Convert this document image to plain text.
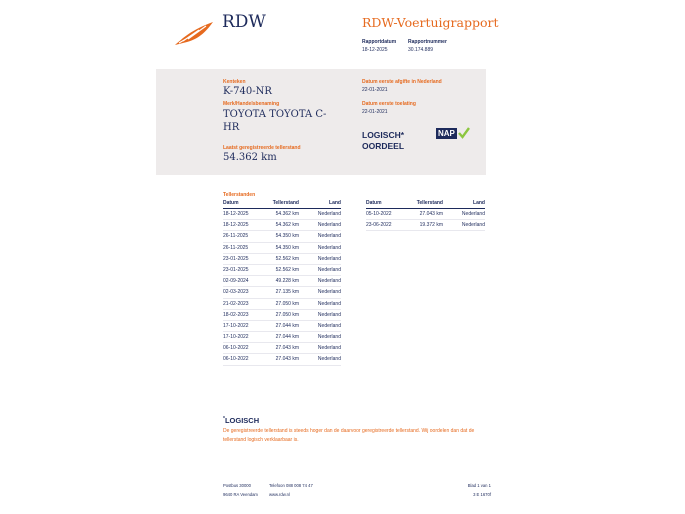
RDW	RDW-Voertuigrapport
Rapportdatum
18-12-2025
Rapportnummer
30.174.889
Kenteken
K-740-NR
Merk/Handelsbenaming
TOYOTA TOYOTA C-
HR
Laatst geregistreerde tellerstand
54.362 km
Datum eerste afgifte in Nederland
22-01-2021
Datum eerste toelating
22-01-2021
LOGISCH*
OORDEEL
NAP
Tellerstanden
Datum	Tellerstand	Land
18-12-2025	54.362 km	Nederland
18-12-2025	54.362 km	Nederland
26-11-2025	54.350 km	Nederland
26-11-2025	54.350 km	Nederland
23-01-2025	52.562 km	Nederland
23-01-2025	52.562 km	Nederland
02-09-2024	49.228 km	Nederland
02-03-2023	27.135 km	Nederland
21-02-2023	27.050 km	Nederland
18-02-2023	27.050 km	Nederland
17-10-2022	27.044 km	Nederland
17-10-2022	27.044 km	Nederland
06-10-2022	27.043 km	Nederland
06-10-2022	27.043 km	Nederland
Datum	Tellerstand	Land
05-10-2022	27.043 km	Nederland
23-06-2022	19.372 km	Nederland
*LOGISCH
De geregistreerde tellerstand is steeds hoger dan de daarvoor geregistreerde tellerstand. Wij oordelen dan dat de tellerstand logisch verklaarbaar is.
Postbus 30000
9640 RA Veendam
Telefoon 088 008 74 47
www.rdw.nl
Blad 1 van 1
3 E 1670f
